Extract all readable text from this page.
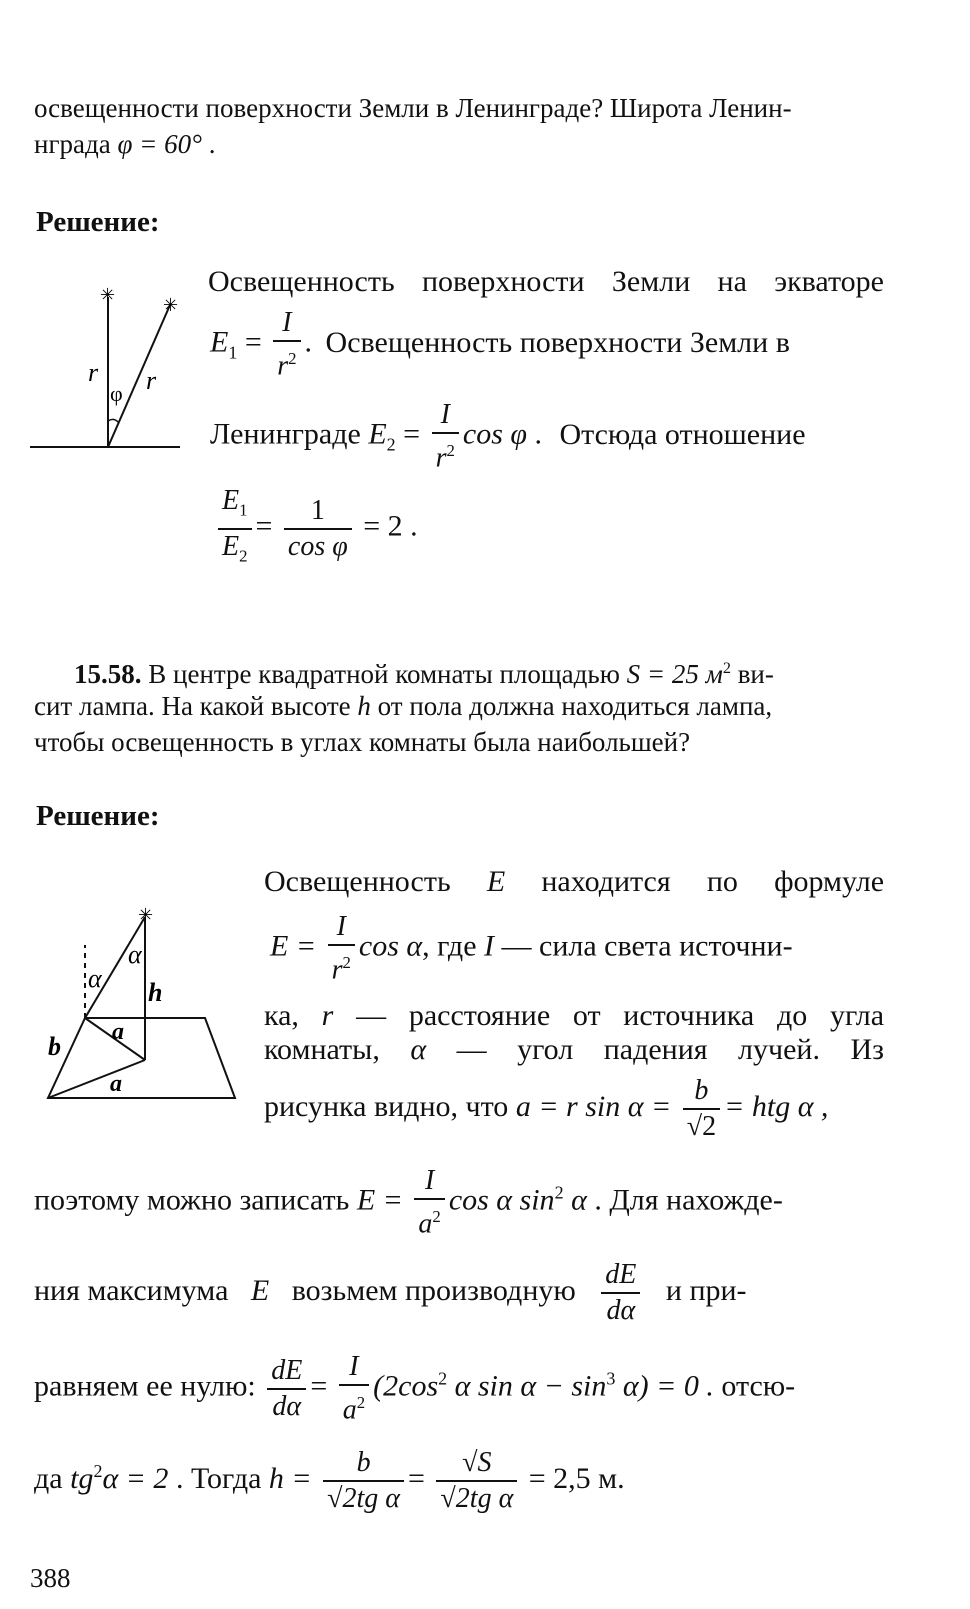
освещенности поверхности Земли в Ленинграде? Широта Ленин-
нграда φ = 60° .
Решение:
✳	✳
r r
φ
Освещенность поверхности Земли на экваторе
$E_1 = \frac{I}{r^2}$ . Освещенность поверхности Земли в
Ленинграде $E_2 = \frac{I}{r^2}$ cos φ . Отсюда отношение
$\frac{E_1}{E_2} = \frac{1}{\text{cos φ}} = 2$ .
15.58. В центре квадратной комнаты площадью S = 25 $м^2$ ви-
сит лампа. На какой высоте h от пола должна находиться лампа,
чтобы освещенность в углах комнаты была наибольшей?
Решение:
✳
α
α
h
a
b
a
Освещенность E находится по формуле
$E = \frac{I}{r^2}$ cos α, где I — сила света источни-
ка, r — расстояние от источника до угла
комнаты, α — угол падения лучей. Из
рисунка видно, что a = r $\sin \alpha = \frac{b}{√2}$ = htg α ,
поэтому можно записать $E = \frac{I}{a^2}$ cos α $\sin^2 \alpha$ . Для нахожде-
ния максимума E возьмем производную $\frac{dE}{d\alpha}$ и при-
равняем ее нулю: $\frac{dE}{d\alpha} = \frac{I}{a^2} (2\cos^2$ α $\sin \alpha - \sin^3 \alpha) = 0$ . отсю-
да $tg^2\alpha = 2$ . Тогда $h = \frac{b}{\text{√2tg α}} = \frac{√S}{\text{√2tg α}} = 2,5$ м.
388
